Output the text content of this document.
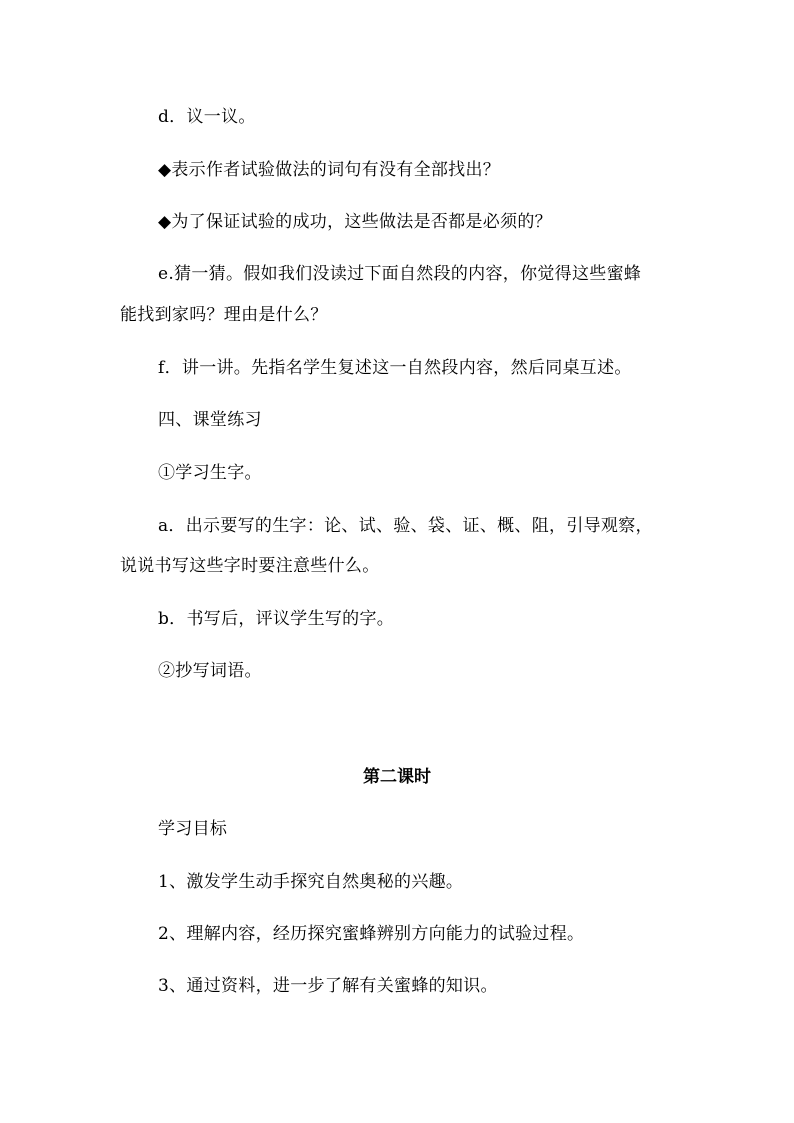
d．议一议。
◆表示作者试验做法的词句有没有全部找出？
◆为了保证试验的成功，这些做法是否都是必须的？
e.猜一猜。假如我们没读过下面自然段的内容，你觉得这些蜜蜂
能找到家吗？理由是什么？
f．讲一讲。先指名学生复述这一自然段内容，然后同桌互述。
四、课堂练习
①学习生字。
a．出示要写的生字：论、试、验、袋、证、概、阻，引导观察，
说说书写这些字时要注意些什么。
b．书写后，评议学生写的字。
②抄写词语。
第二课时
学习目标
1、激发学生动手探究自然奥秘的兴趣。
2、理解内容，经历探究蜜蜂辨别方向能力的试验过程。
3、通过资料，进一步了解有关蜜蜂的知识。
